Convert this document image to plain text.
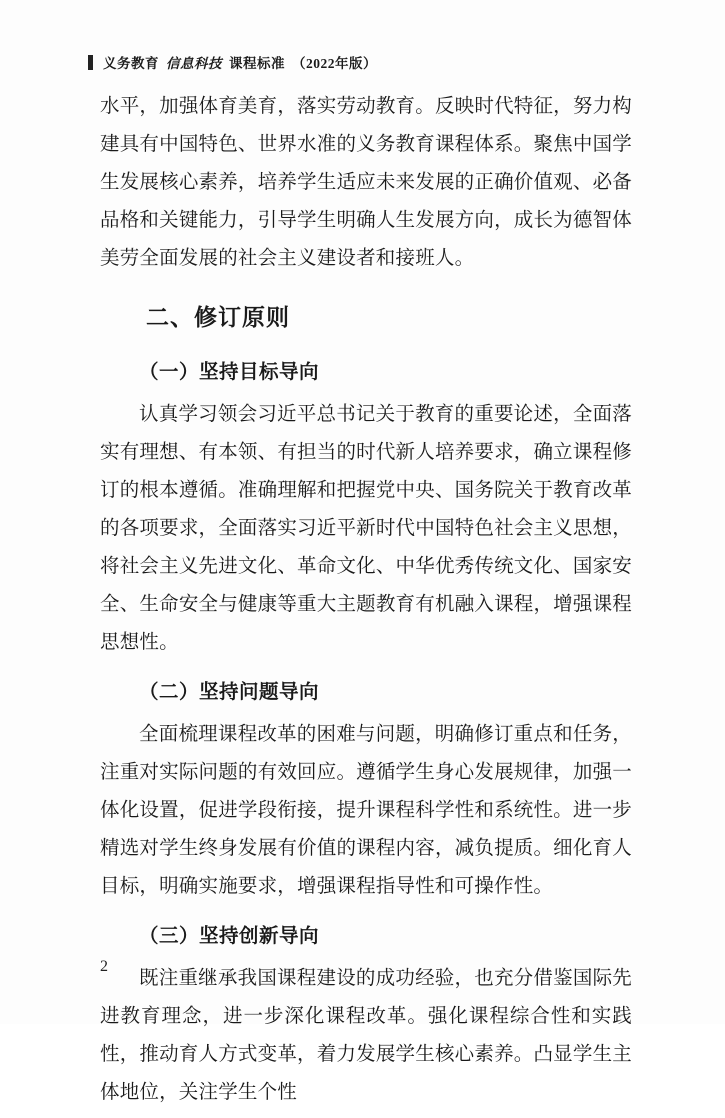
义务教育 信息科技 课程标准 （2022年版）

水平，加强体育美育，落实劳动教育。反映时代特征，努力构建具有中国特色、世界水准的义务教育课程体系。聚焦中国学生发展核心素养，培养学生适应未来发展的正确价值观、必备品格和关键能力，引导学生明确人生发展方向，成长为德智体美劳全面发展的社会主义建设者和接班人。

二、修订原则
（一）坚持目标导向

认真学习领会习近平总书记关于教育的重要论述，全面落实有理想、有本领、有担当的时代新人培养要求，确立课程修订的根本遵循。准确理解和把握党中央、国务院关于教育改革的各项要求，全面落实习近平新时代中国特色社会主义思想，将社会主义先进文化、革命文化、中华优秀传统文化、国家安全、生命安全与健康等重大主题教育有机融入课程，增强课程思想性。

（二）坚持问题导向

全面梳理课程改革的困难与问题，明确修订重点和任务，注重对实际问题的有效回应。遵循学生身心发展规律，加强一体化设置，促进学段衔接，提升课程科学性和系统性。进一步精选对学生终身发展有价值的课程内容，减负提质。细化育人目标，明确实施要求，增强课程指导性和可操作性。

（三）坚持创新导向

既注重继承我国课程建设的成功经验，也充分借鉴国际先进教育理念，进一步深化课程改革。强化课程综合性和实践性，推动育人方式变革，着力发展学生核心素养。凸显学生主体地位，关注学生个性

2
